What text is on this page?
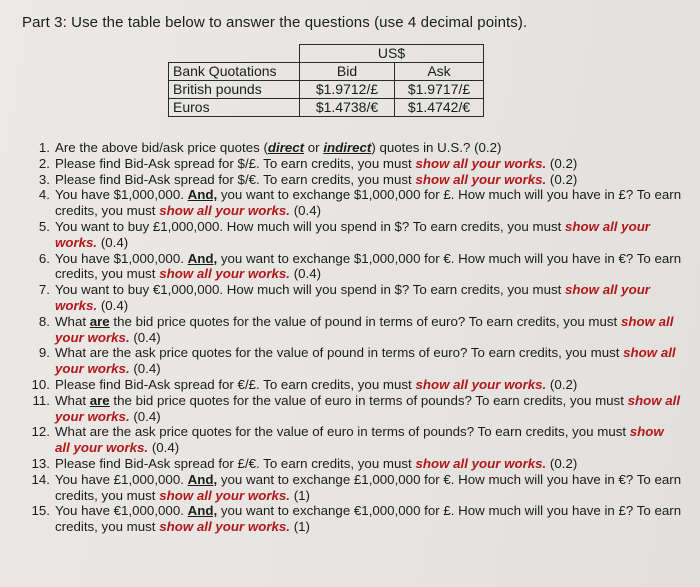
Part 3: Use the table below to answer the questions (use 4 decimal points).
	US$	
Bank Quotations	Bid	Ask
British pounds	$1.9712/£	$1.9717/£
Euros	$1.4738/€	$1.4742/€
1. Are the above bid/ask price quotes (direct or indirect) quotes in U.S.? (0.2)
2. Please find Bid-Ask spread for $/£. To earn credits, you must show all your works. (0.2)
3. Please find Bid-Ask spread for $/€. To earn credits, you must show all your works. (0.2)
4. You have $1,000,000. And, you want to exchange $1,000,000 for £. How much will you have in £? To earn credits, you must show all your works. (0.4)
5. You want to buy £1,000,000. How much will you spend in $? To earn credits, you must show all your works. (0.4)
6. You have $1,000,000. And, you want to exchange $1,000,000 for €. How much will you have in €? To earn credits, you must show all your works. (0.4)
7. You want to buy €1,000,000. How much will you spend in $? To earn credits, you must show all your works. (0.4)
8. What are the bid price quotes for the value of pound in terms of euro? To earn credits, you must show all your works. (0.4)
9. What are the ask price quotes for the value of pound in terms of euro? To earn credits, you must show all your works. (0.4)
10. Please find Bid-Ask spread for €/£. To earn credits, you must show all your works. (0.2)
11. What are the bid price quotes for the value of euro in terms of pounds? To earn credits, you must show all your works. (0.4)
12. What are the ask price quotes for the value of euro in terms of pounds? To earn credits, you must show all your works. (0.4)
13. Please find Bid-Ask spread for £/€. To earn credits, you must show all your works. (0.2)
14. You have £1,000,000. And, you want to exchange £1,000,000 for €. How much will you have in €? To earn credits, you must show all your works. (1)
15. You have €1,000,000. And, you want to exchange €1,000,000 for £. How much will you have in £? To earn credits, you must show all your works. (1)
